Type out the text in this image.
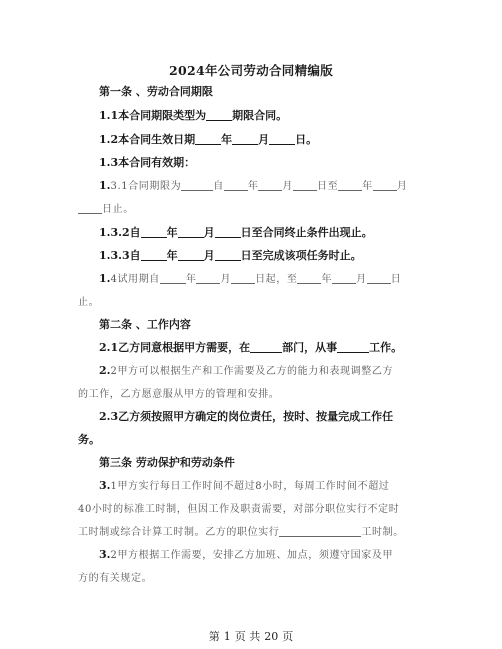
2024年公司劳动合同精编版
第一条 、劳动合同期限
1.1本合同期限类型为 期限合同。
1.2本合同生效日期 年 月 日。
1.3本合同有效期：
1.3.1合同期限为	自 年 月 日至 年 月
日止。
1.3.2自 年 月 日至合同终止条件出现止。
1.3.3自 年 月 日至完成该项任务时止。
1.4试用期自	年 月 日起，至 年 月 日
止。
第二条 、工作内容
2.1乙方同意根据甲方需要，在	部门，从事	工作。
2.2甲方可以根据生产和工作需要及乙方的能力和表现调整乙方
的工作，乙方愿意服从甲方的管理和安排。
2.3乙方须按照甲方确定的岗位责任，按时、按量完成工作任
务。
第三条 劳动保护和劳动条件
3.1甲方实行每日工作时间不超过8小时，每周工作时间不超过
40小时的标准工时制，但因工作及职责需要，对部分职位实行不定时
工时制或综合计算工时制。乙方的职位实行	工时制。
3.2甲方根据工作需要，安排乙方加班、加点，须遵守国家及甲
方的有关规定。
第 1 页 共 20 页
